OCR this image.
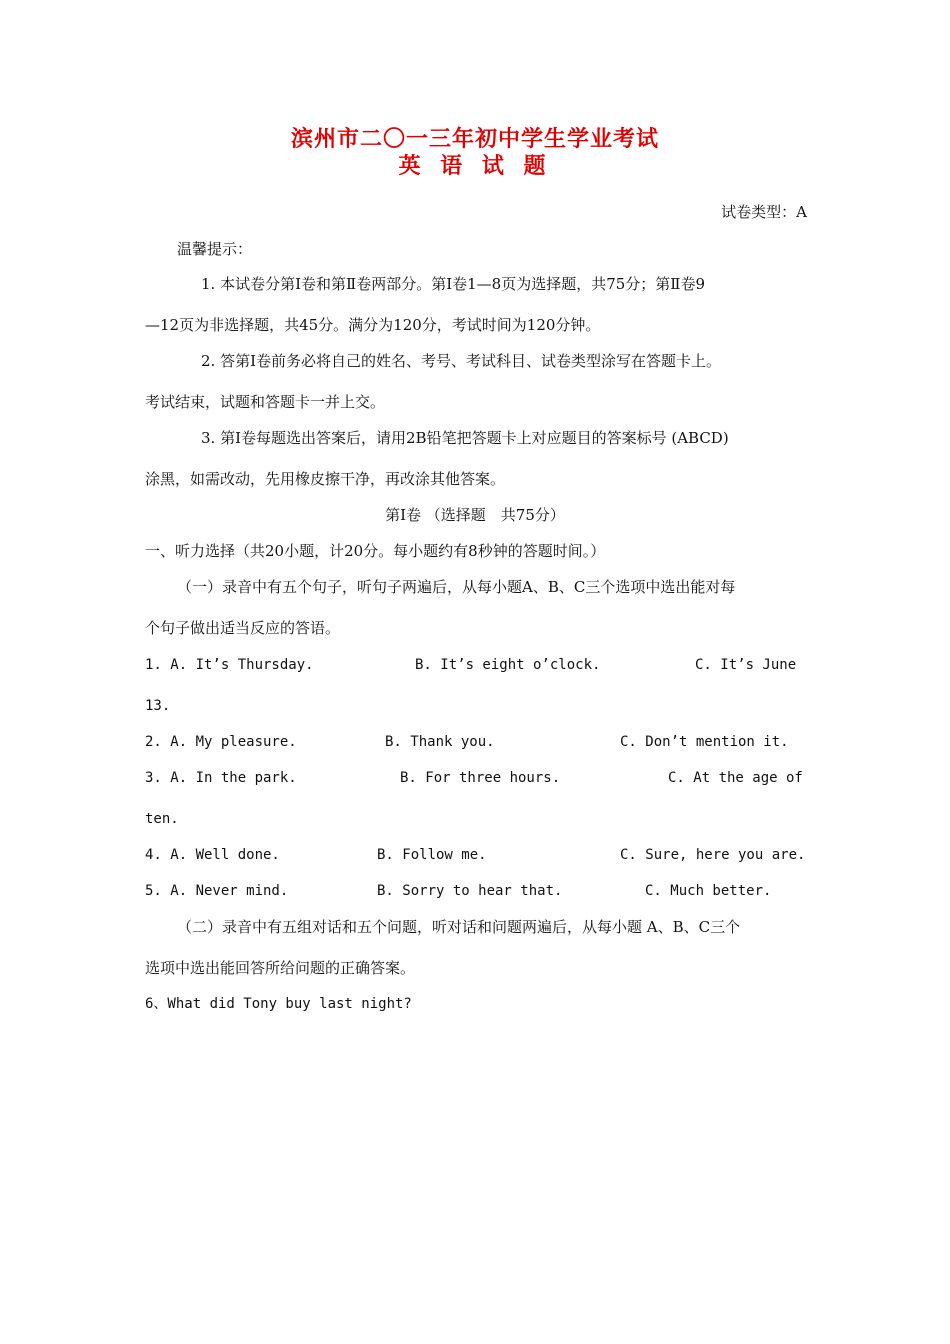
滨州市二〇一三年初中学生学业考试
英 语 试 题
试卷类型：A
温馨提示：
1. 本试卷分第Ⅰ卷和第Ⅱ卷两部分。第Ⅰ卷1—8页为选择题，共75分；第Ⅱ卷9
—12页为非选择题，共45分。满分为120分，考试时间为120分钟。
2. 答第Ⅰ卷前务必将自己的姓名、考号、考试科目、试卷类型涂写在答题卡上。
考试结束，试题和答题卡一并上交。
3. 第Ⅰ卷每题选出答案后，请用2B铅笔把答题卡上对应题目的答案标号 (ABCD)
涂黑，如需改动，先用橡皮擦干净，再改涂其他答案。
第Ⅰ卷 （选择题　共75分）
一、听力选择（共20小题，计20分。每小题约有8秒钟的答题时间。）
（一）录音中有五个句子，听句子两遍后，从每小题A、B、C三个选项中选出能对每
个句子做出适当反应的答语。
1. A. It’s Thursday.	B. It’s eight o’clock.	C. It’s June
13.
2. A. My pleasure.	B. Thank you.	C. Don’t mention it.
3. A. In the park.	B. For three hours.	C. At the age of
ten.
4. A. Well done.	B. Follow me.	C. Sure, here you are.
5. A. Never mind.	B. Sorry to hear that.	C. Much better.
（二）录音中有五组对话和五个问题，听对话和问题两遍后，从每小题 A、B、C三个
选项中选出能回答所给问题的正确答案。
6、What did Tony buy last night?
